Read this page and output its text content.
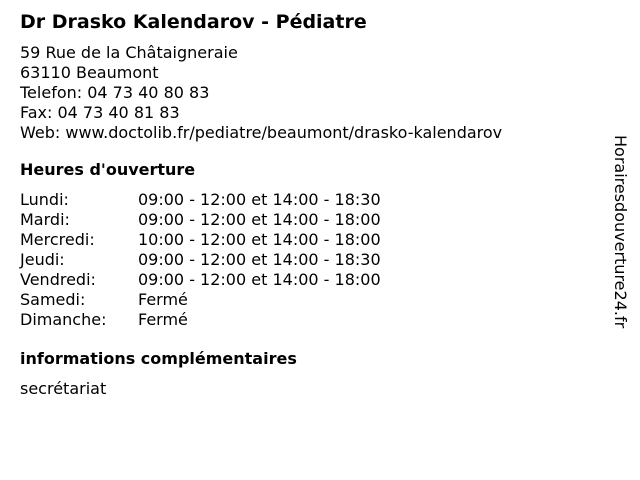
Dr Drasko Kalendarov - Pédiatre
59 Rue de la Châtaigneraie
63110 Beaumont
Telefon: 04 73 40 80 83
Fax: 04 73 40 81 83
Web: www.doctolib.fr/pediatre/beaumont/drasko-kalendarov
Heures d'ouverture
Lundi:	09:00 - 12:00 et 14:00 - 18:30
Mardi:	09:00 - 12:00 et 14:00 - 18:00
Mercredi:	10:00 - 12:00 et 14:00 - 18:00
Jeudi:	09:00 - 12:00 et 14:00 - 18:30
Vendredi:	09:00 - 12:00 et 14:00 - 18:00
Samedi:	Fermé
Dimanche:	Fermé
informations complémentaires
secrétariat
Horairesdouverture24.fr
